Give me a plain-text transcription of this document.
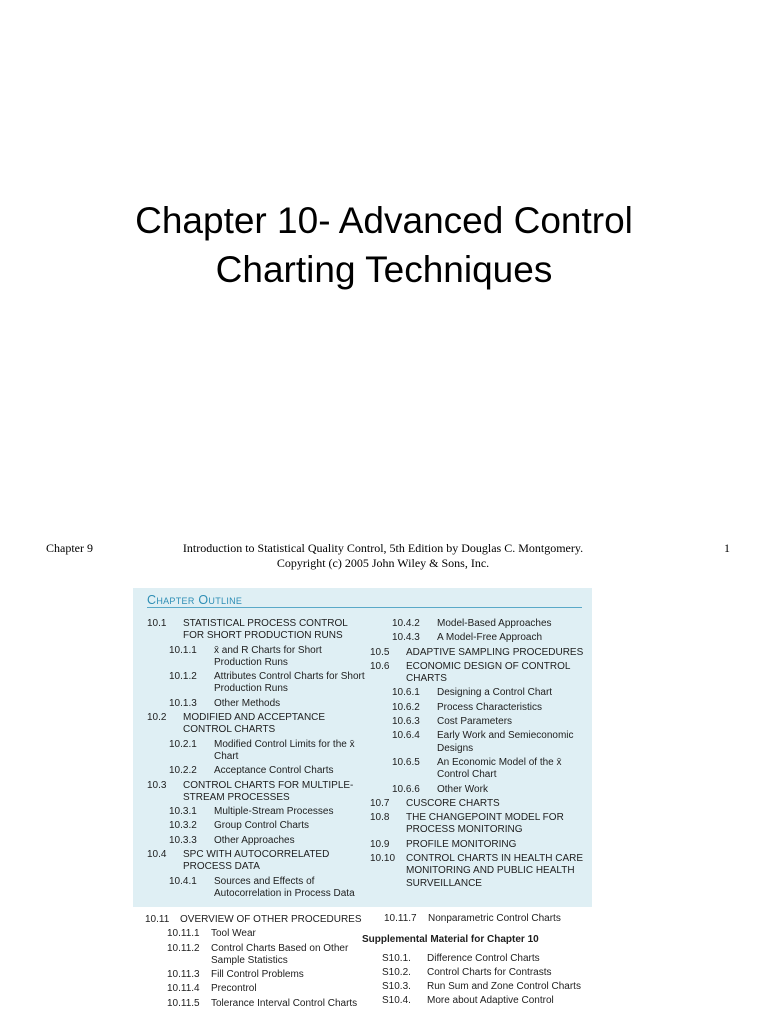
Chapter 10- Advanced Control
Charting Techniques
Chapter 9	Introduction to Statistical Quality Control, 5th Edition by Douglas C. Montgomery.
Copyright (c) 2005 John Wiley & Sons, Inc.
1
Chapter Outline
10.1	STATISTICAL PROCESS CONTROL FOR SHORT PRODUCTION RUNS
10.1.1	x̄ and R Charts for Short Production Runs
10.1.2	Attributes Control Charts for Short Production Runs
10.1.3	Other Methods
10.2	MODIFIED AND ACCEPTANCE CONTROL CHARTS
10.2.1	Modified Control Limits for the x̄ Chart
10.2.2	Acceptance Control Charts
10.3	CONTROL CHARTS FOR MULTIPLE-STREAM PROCESSES
10.3.1	Multiple-Stream Processes
10.3.2	Group Control Charts
10.3.3	Other Approaches
10.4	SPC WITH AUTOCORRELATED PROCESS DATA
10.4.1	Sources and Effects of Autocorrelation in Process Data
10.4.2	Model-Based Approaches
10.4.3	A Model-Free Approach
10.5	ADAPTIVE SAMPLING PROCEDURES
10.6	ECONOMIC DESIGN OF CONTROL CHARTS
10.6.1	Designing a Control Chart
10.6.2	Process Characteristics
10.6.3	Cost Parameters
10.6.4	Early Work and Semieconomic Designs
10.6.5	An Economic Model of the x̄ Control Chart
10.6.6	Other Work
10.7	CUSCORE CHARTS
10.8	THE CHANGEPOINT MODEL FOR PROCESS MONITORING
10.9	PROFILE MONITORING
10.10	CONTROL CHARTS IN HEALTH CARE MONITORING AND PUBLIC HEALTH SURVEILLANCE
10.11	OVERVIEW OF OTHER PROCEDURES
10.11.1	Tool Wear
10.11.2	Control Charts Based on Other Sample Statistics
10.11.3	Fill Control Problems
10.11.4	Precontrol
10.11.5	Tolerance Interval Control Charts
10.11.7	Nonparametric Control Charts
Supplemental Material for Chapter 10
S10.1.	Difference Control Charts
S10.2.	Control Charts for Contrasts
S10.3.	Run Sum and Zone Control Charts
S10.4.	More about Adaptive Control
